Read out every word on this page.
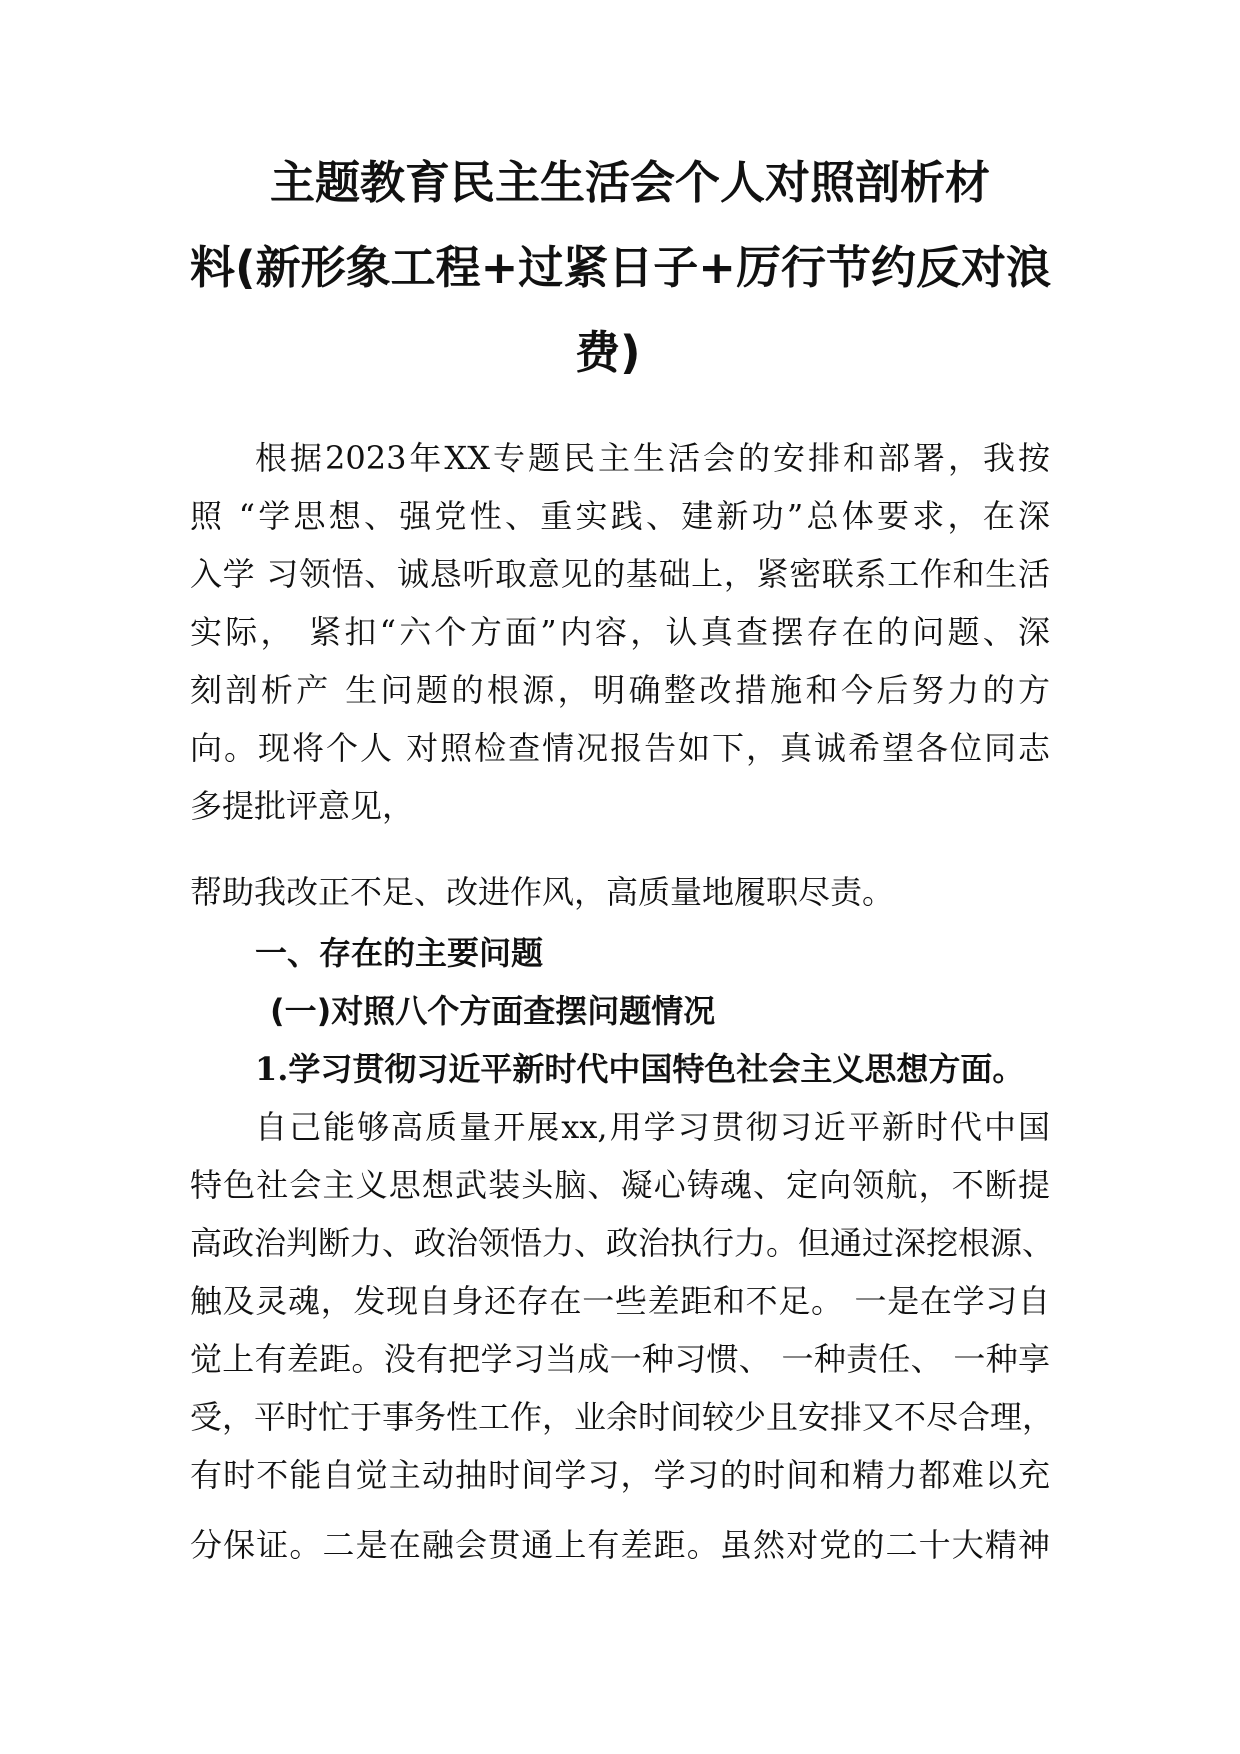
主题教育民主生活会个人对照剖析材
料(新形象工程+过紧日子+厉行节约反对浪
费)
根据2023年XX专题民主生活会的安排和部署，我按
照 “学思想、强党性、重实践、建新功”总体要求，在深
入学 习领悟、诚恳听取意见的基础上，紧密联系工作和生活
实际， 紧扣“六个方面”内容，认真查摆存在的问题、深
刻剖析产 生问题的根源，明确整改措施和今后努力的方
向。现将个人 对照检查情况报告如下，真诚希望各位同志
多提批评意见，
帮助我改正不足、改进作风，高质量地履职尽责。
一、存在的主要问题
(一)对照八个方面查摆问题情况
1.学习贯彻习近平新时代中国特色社会主义思想方面。
自己能够高质量开展xx,用学习贯彻习近平新时代中国
特色社会主义思想武装头脑、凝心铸魂、定向领航，不断提
高政治判断力、政治领悟力、政治执行力。但通过深挖根源、
触及灵魂，发现自身还存在一些差距和不足。 一是在学习自
觉上有差距。没有把学习当成一种习惯、 一种责任、 一种享
受，平时忙于事务性工作，业余时间较少且安排又不尽合理，
有时不能自觉主动抽时间学习，学习的时间和精力都难以充
分保证。二是在融会贯通上有差距。虽然对党的二十大精神
